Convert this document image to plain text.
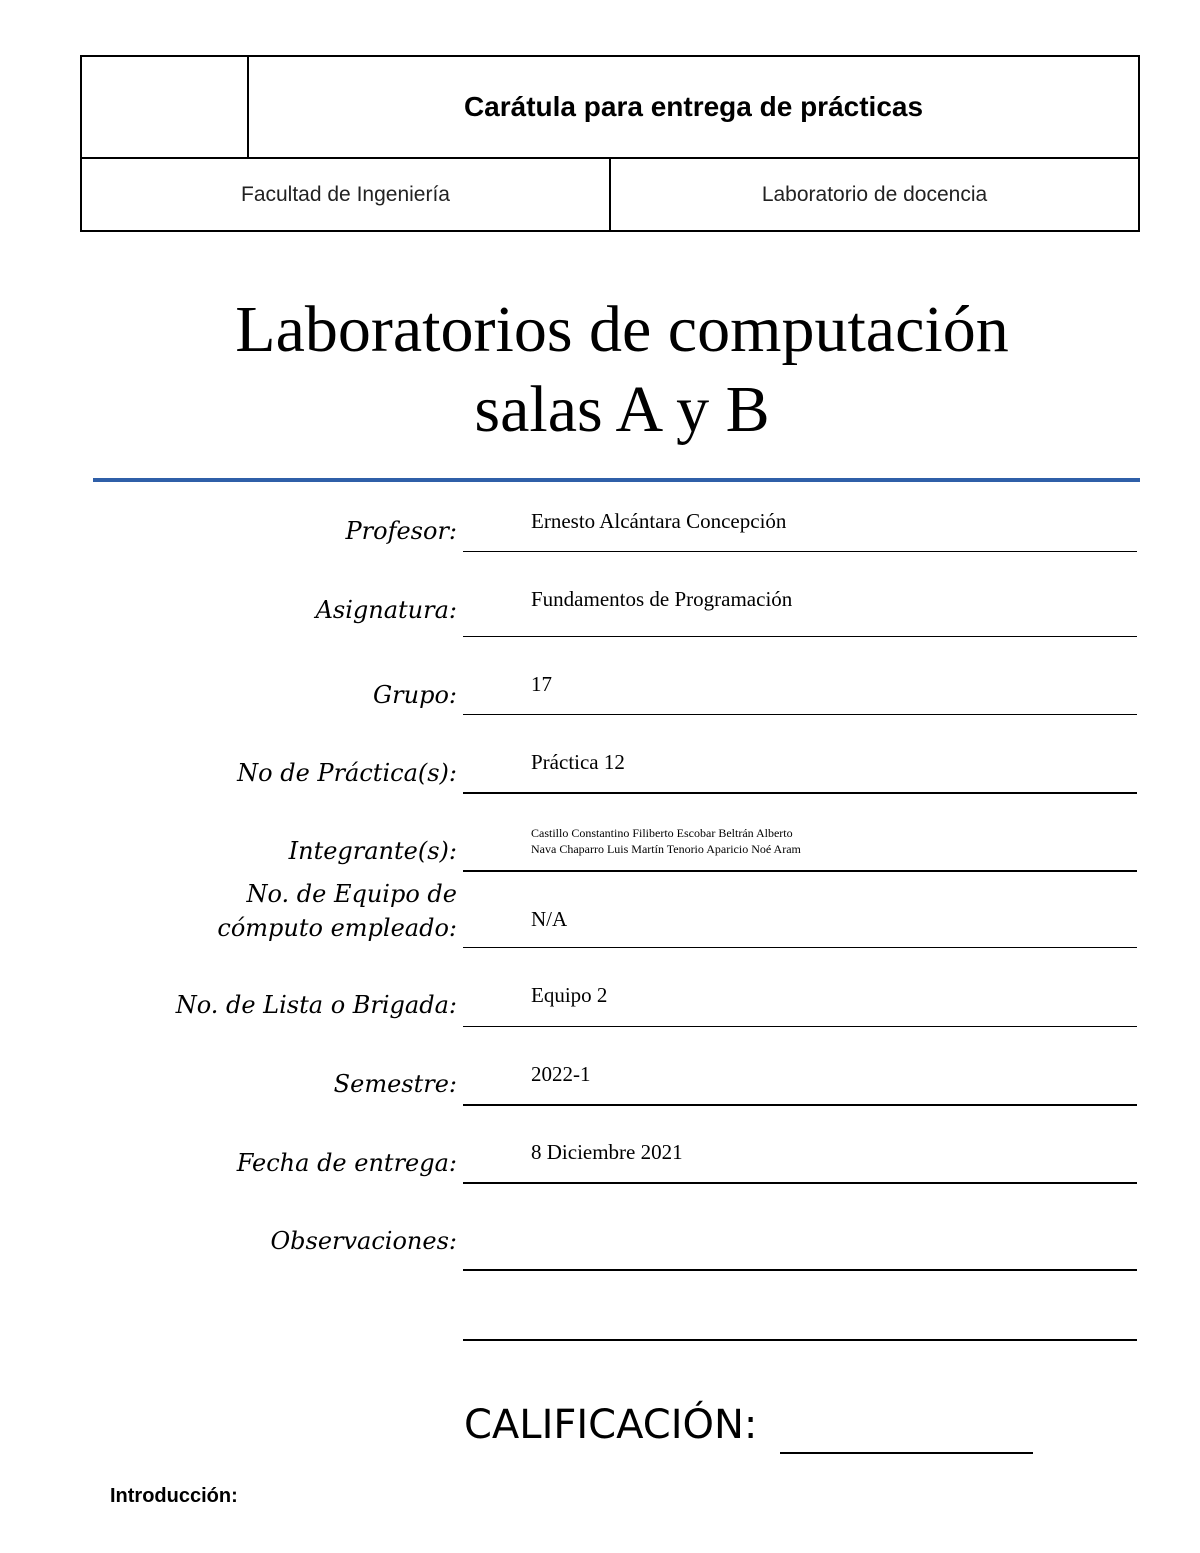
Carátula para entrega de prácticas
Facultad de Ingeniería	Laboratorio de docencia
Laboratorios de computación
salas A y B
Profesor:	Ernesto Alcántara Concepción
Asignatura:	Fundamentos de Programación
Grupo:	17
No de Práctica(s):	Práctica 12
Integrante(s):
Castillo Constantino Filiberto Escobar Beltrán Alberto
Nava Chaparro Luis Martín Tenorio Aparicio Noé Aram
No. de Equipo de
cómputo empleado:	N/A
No. de Lista o Brigada:	Equipo 2
Semestre:	2022-1
Fecha de entrega:	8 Diciembre 2021
Observaciones:
CALIFICACIÓN:
Introducción:
